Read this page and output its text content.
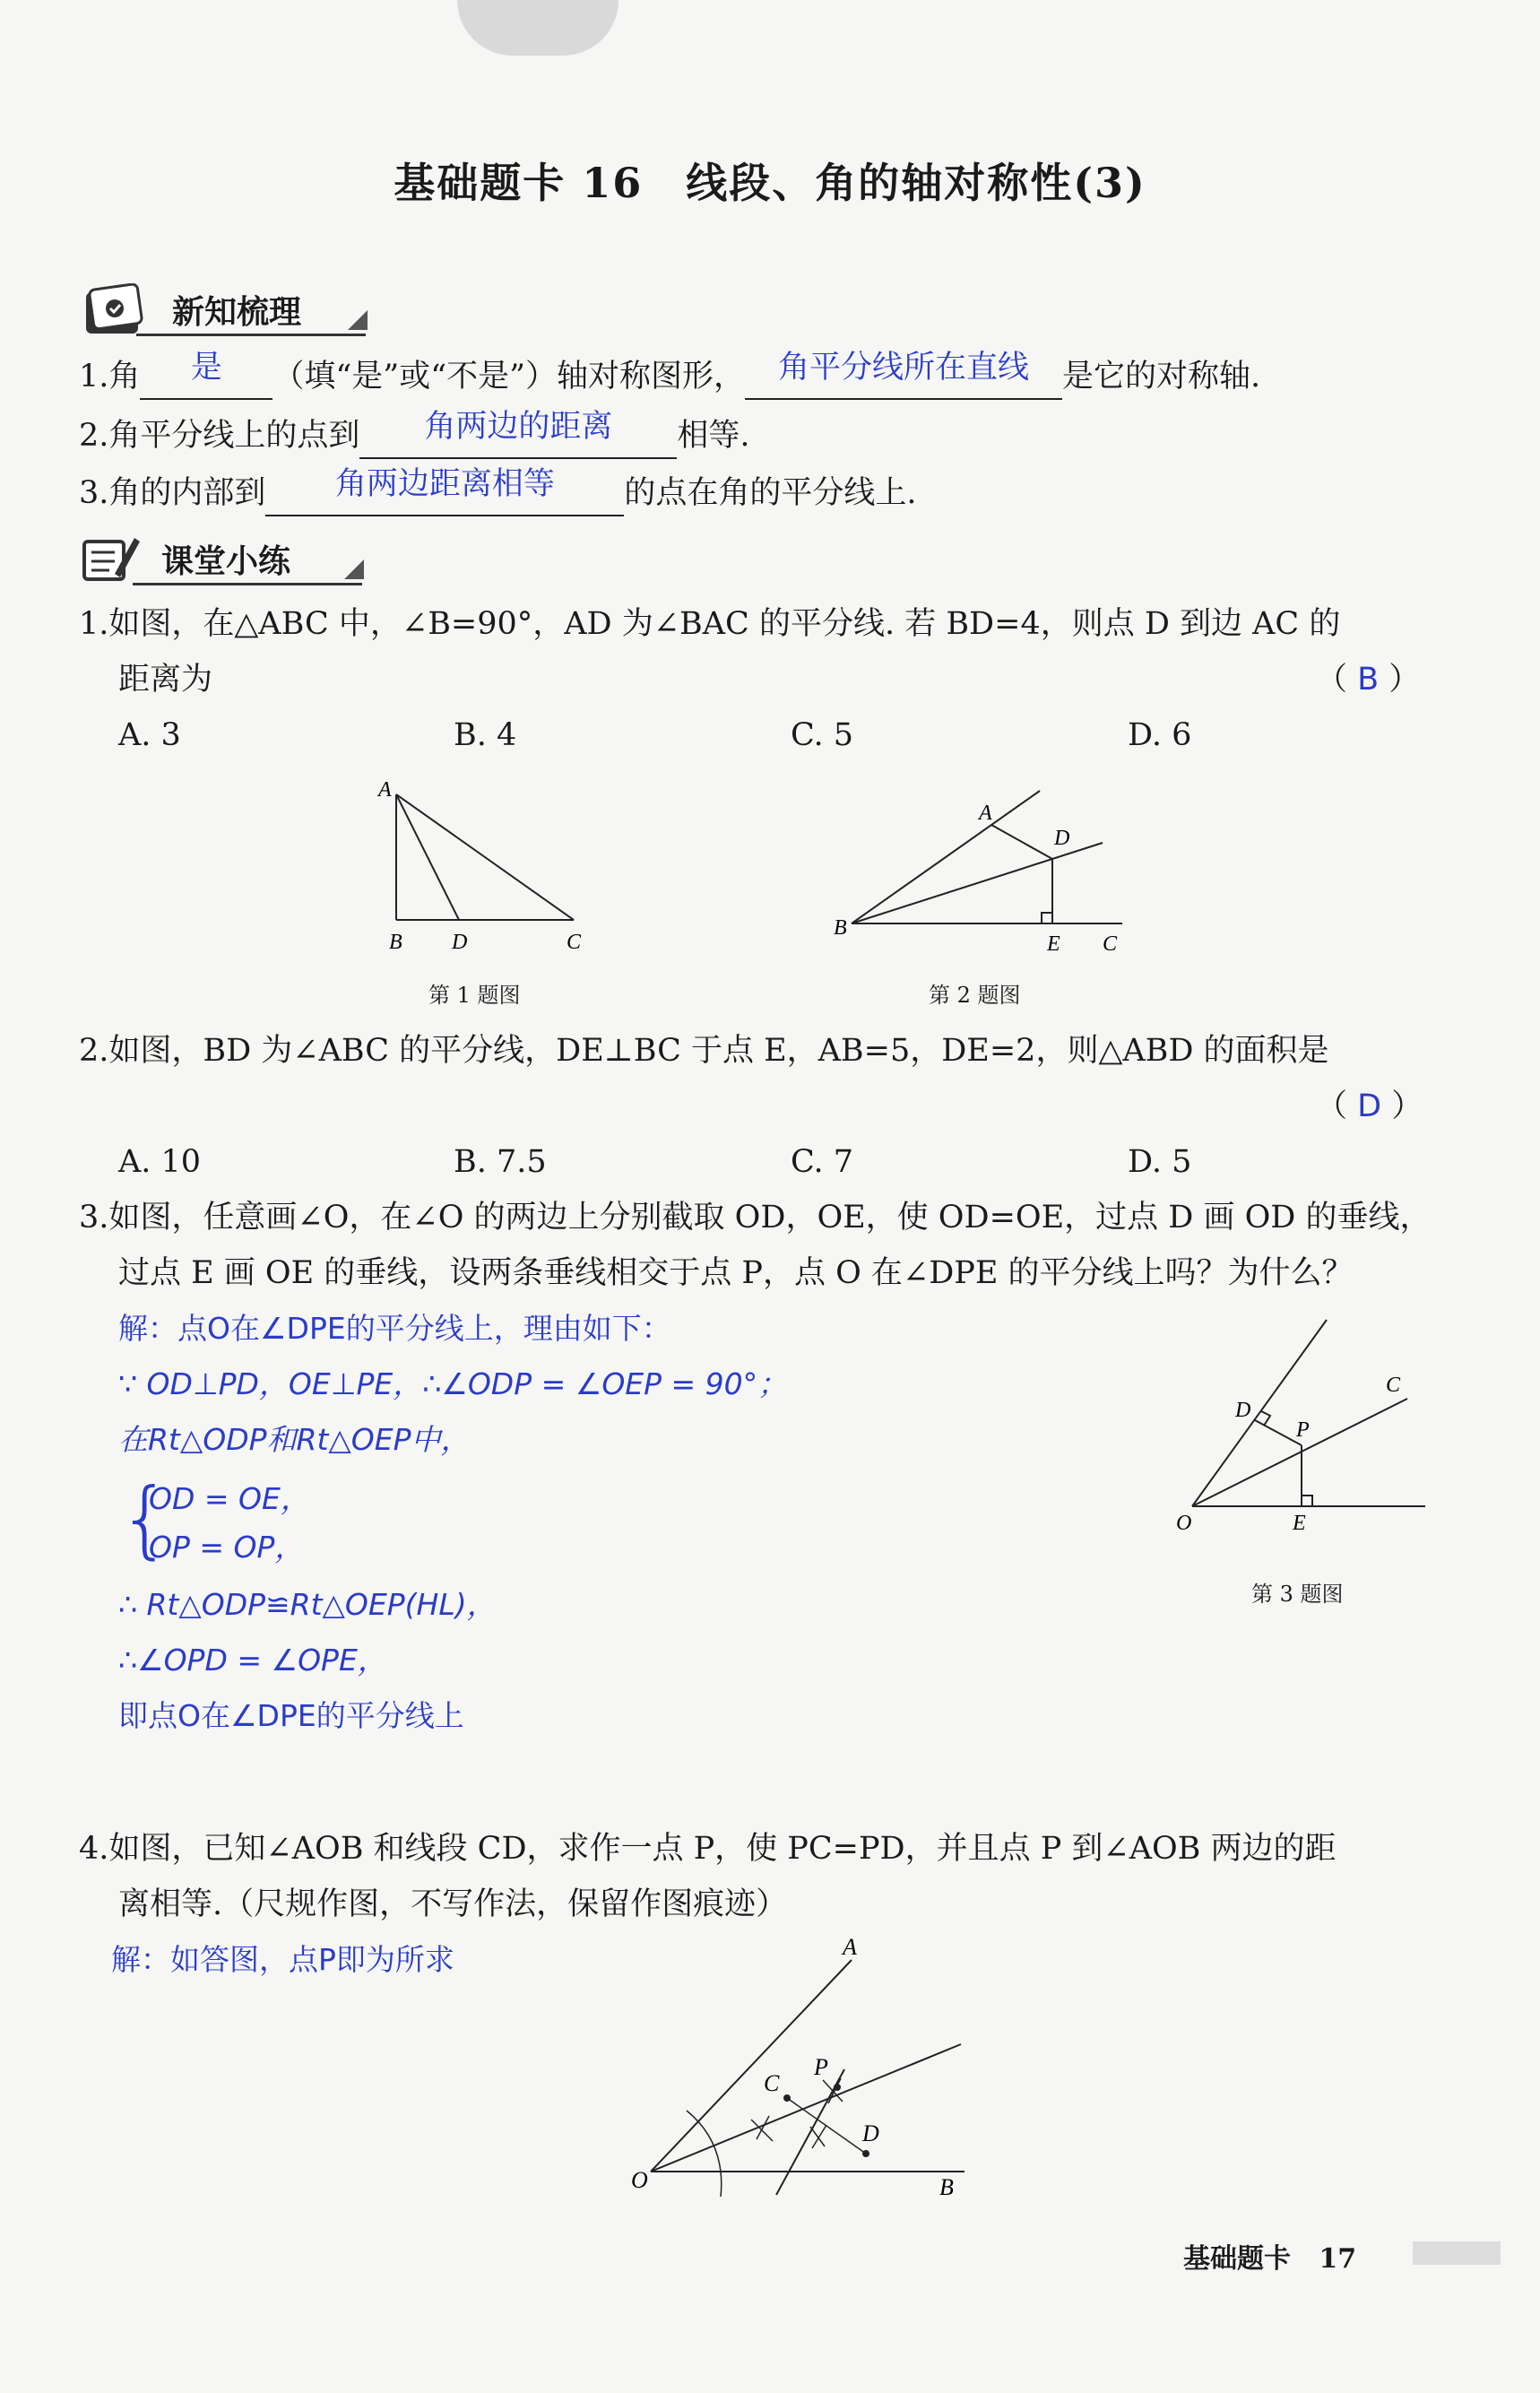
基础题卡 16　线段、角的轴对称性(3)
新知梳理
1.角 是 （填“是”或“不是”）轴对称图形， 角平分线所在直线 是它的对称轴.
2.角平分线上的点到 角两边的距离 相等.
3.角的内部到 角两边距离相等 的点在角的平分线上.
课堂小练
1.如图，在△ABC 中，∠B=90°，AD 为∠BAC 的平分线. 若 BD=4，则点 D 到边 AC 的
距离为	（ B ）
A. 3	B. 4	C. 5	D. 6
A
B D	C
第 1 题图
A
D
B
E C
第 2 题图
2.如图，BD 为∠ABC 的平分线，DE⊥BC 于点 E，AB=5，DE=2，则△ABD 的面积是
（ D ）
A. 10	B. 7.5	C. 7	D. 5
3.如图，任意画∠O，在∠O 的两边上分别截取 OD，OE，使 OD=OE，过点 D 画 OD 的垂线，
过点 E 画 OE 的垂线，设两条垂线相交于点 P，点 O 在∠DPE 的平分线上吗？为什么？
解：点O在∠DPE的平分线上，理由如下：
∵ OD⊥PD，OE⊥PE，∴∠ODP = ∠OEP = 90°；
在Rt△ODP和Rt△OEP中，
{
OD = OE，
OP = OP，
∴ Rt△ODP≌Rt△OEP(HL)，
∴∠OPD = ∠OPE，
即点O在∠DPE的平分线上
D
P
C
O	E
第 3 题图
4.如图，已知∠AOB 和线段 CD，求作一点 P，使 PC=PD，并且点 P 到∠AOB 两边的距
离相等.（尺规作图，不写作法，保留作图痕迹）
解：如答图，点P即为所求	A
C
P
D
O	B
基础题卡 17
